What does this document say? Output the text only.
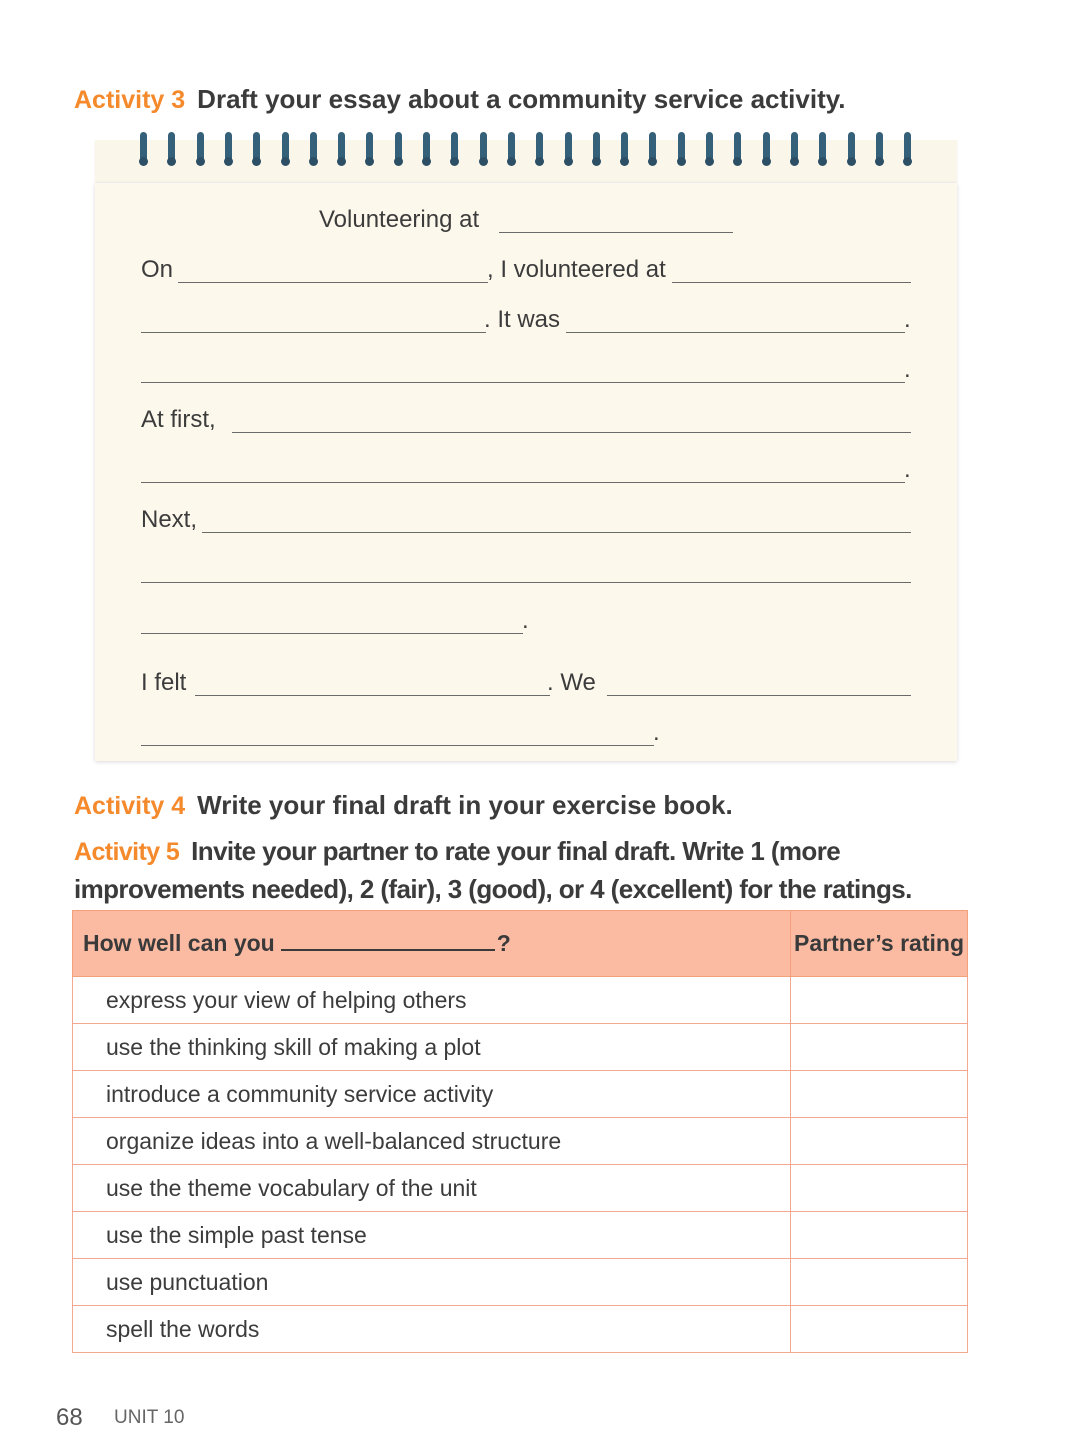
Activity 3 Draft your essay about a community service activity.
Volunteering at
On	, I volunteered at
. It was	.
.
At first,
.
Next,
.
I felt	. We
.
Activity 4 Write your final draft in your exercise book.
Activity 5 Invite your partner to rate your final draft. Write 1 (more improvements needed), 2 (fair), 3 (good), or 4 (excellent) for the ratings.
How well can you ?	Partner’s rating
express your view of helping others	
use the thinking skill of making a plot	
introduce a community service activity	
organize ideas into a well-balanced structure	
use the theme vocabulary of the unit	
use the simple past tense	
use punctuation	
spell the words	
68 UNIT 10
